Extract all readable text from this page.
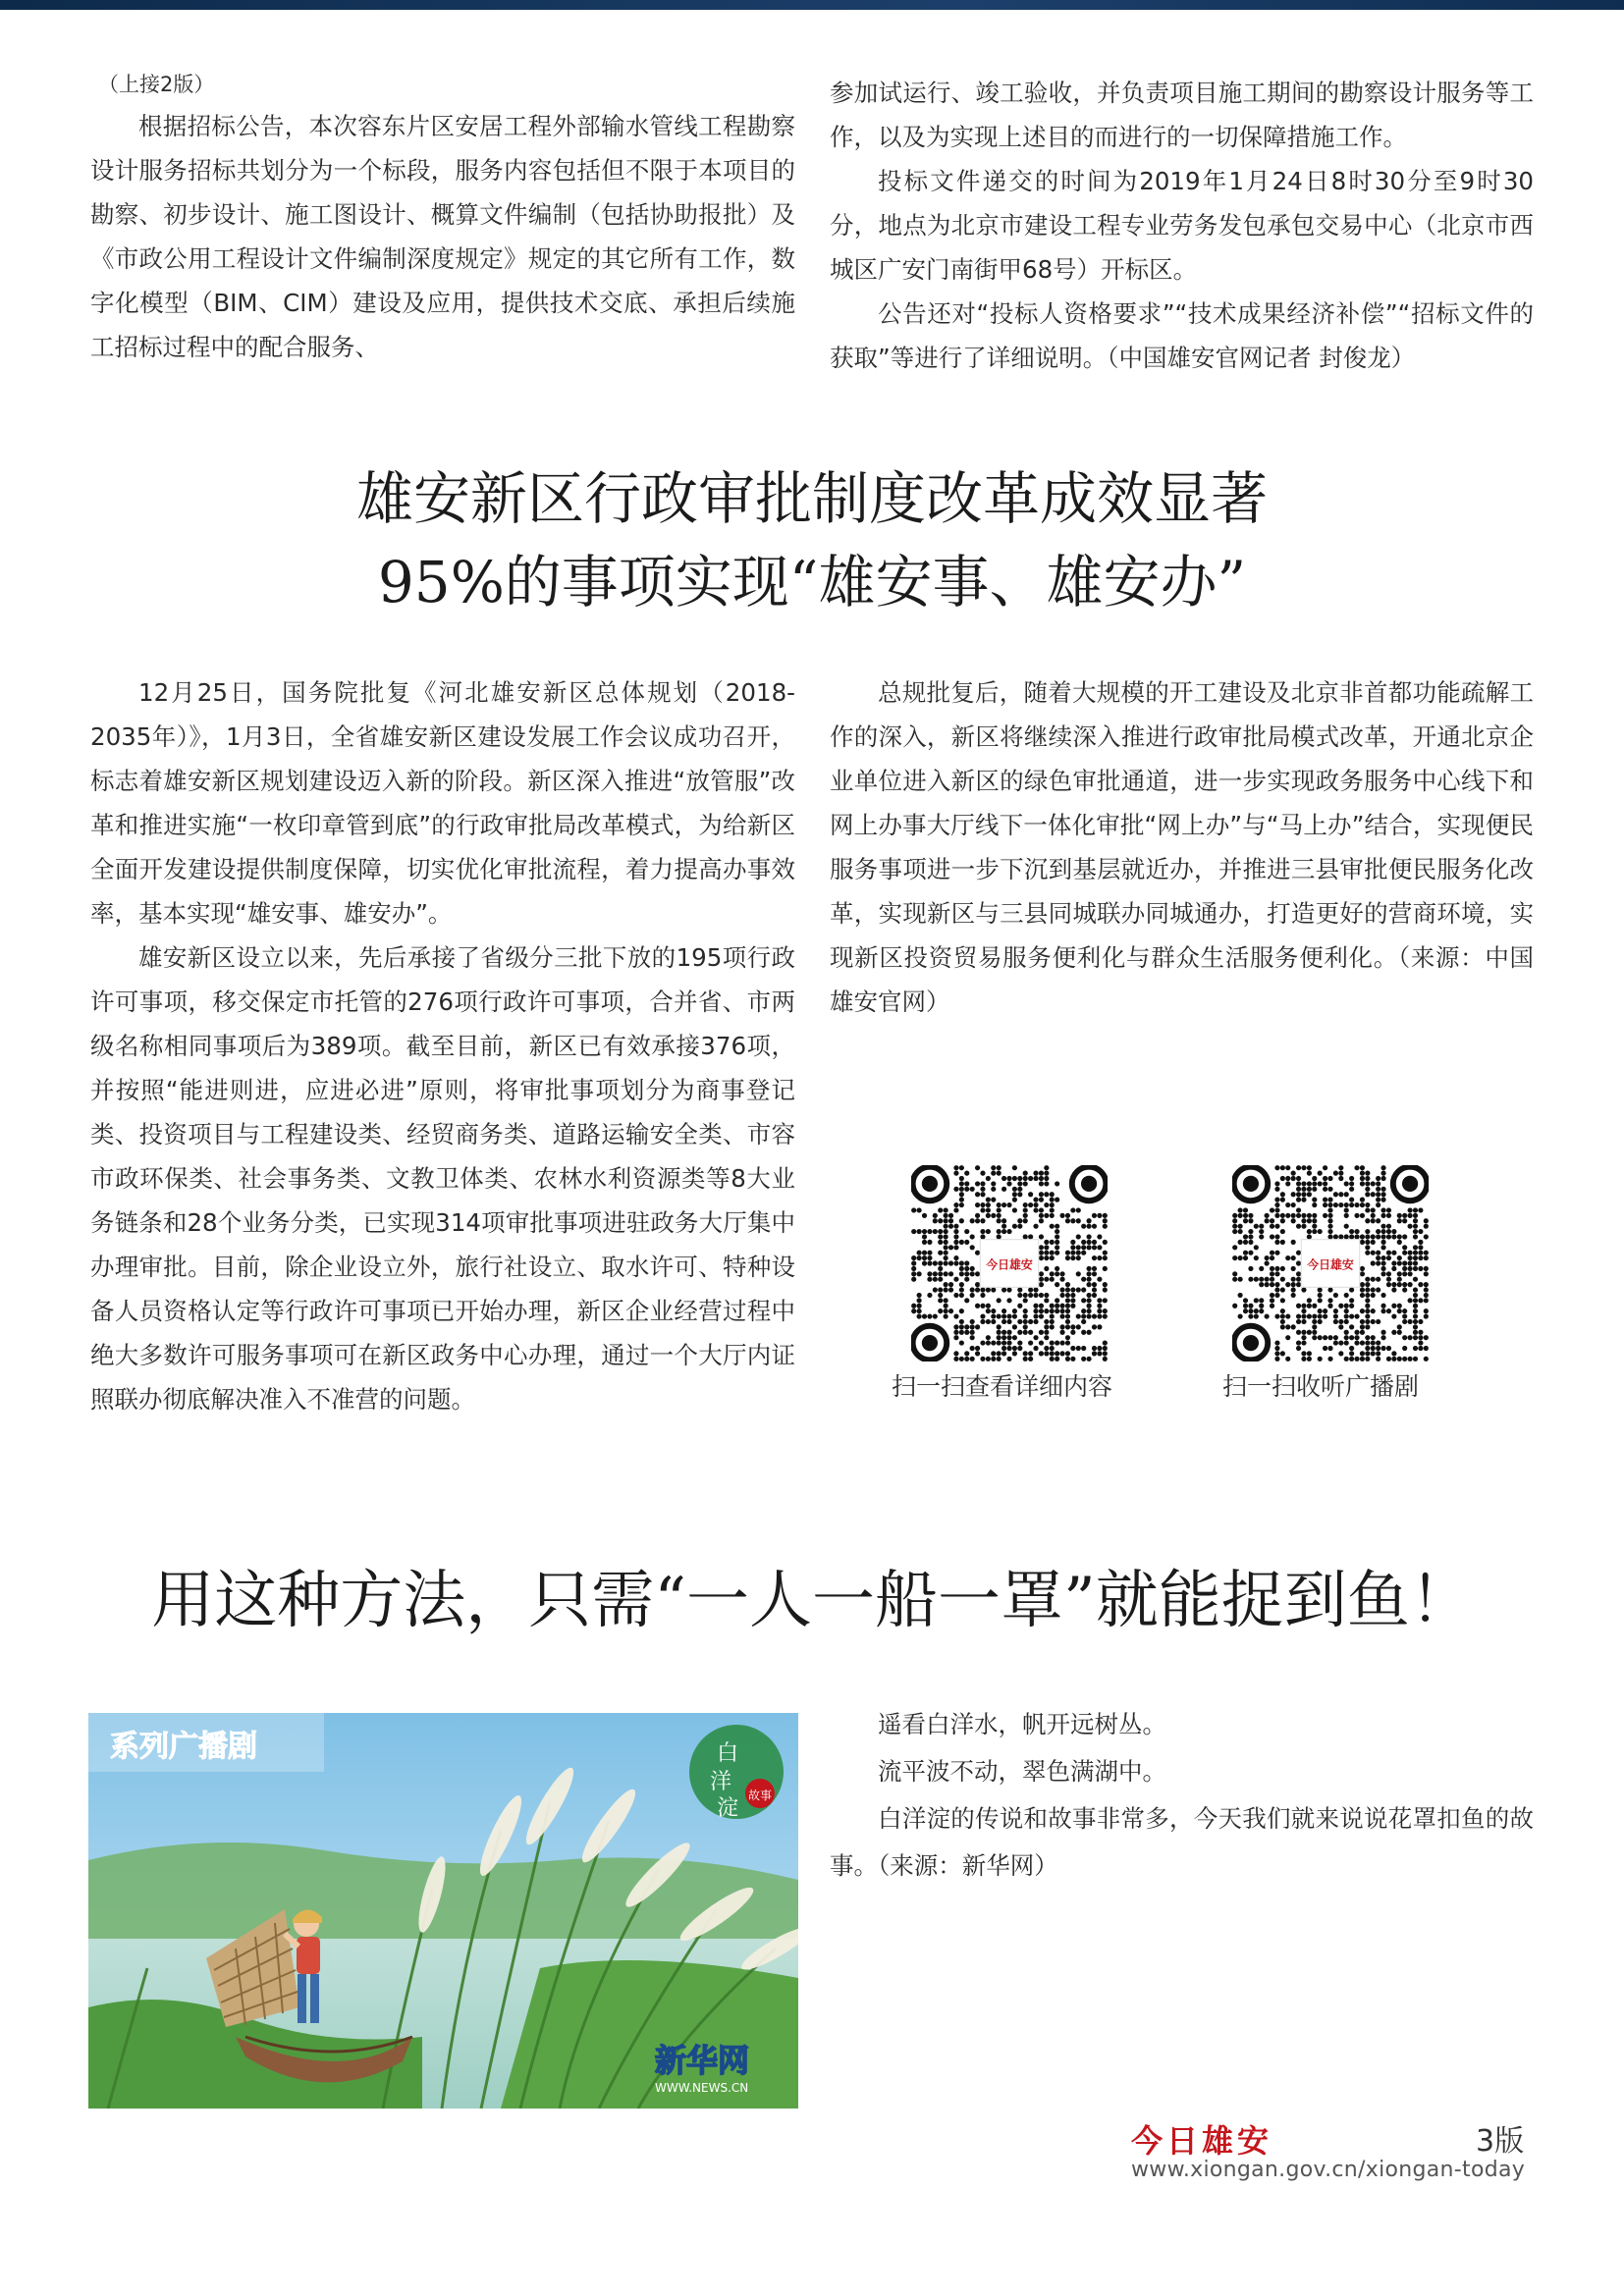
（上接2版）

根据招标公告，本次容东片区安居工程外部输水管线工程勘察设计服务招标共划分为一个标段，服务内容包括但不限于本项目的勘察、初步设计、施工图设计、概算文件编制（包括协助报批）及《市政公用工程设计文件编制深度规定》规定的其它所有工作，数字化模型（BIM、CIM）建设及应用，提供技术交底、承担后续施工招标过程中的配合服务、

参加试运行、竣工验收，并负责项目施工期间的勘察设计服务等工作，以及为实现上述目的而进行的一切保障措施工作。

投标文件递交的时间为2019年1月24日8时30分至9时30分，地点为北京市建设工程专业劳务发包承包交易中心（北京市西城区广安门南街甲68号）开标区。

公告还对“投标人资格要求”“技术成果经济补偿”“招标文件的获取”等进行了详细说明。（中国雄安官网记者 封俊龙）

雄安新区行政审批制度改革成效显著
95%的事项实现“雄安事、雄安办”

12月25日，国务院批复《河北雄安新区总体规划（2018-2035年）》，1月3日，全省雄安新区建设发展工作会议成功召开，标志着雄安新区规划建设迈入新的阶段。新区深入推进“放管服”改革和推进实施“一枚印章管到底”的行政审批局改革模式，为给新区全面开发建设提供制度保障，切实优化审批流程，着力提高办事效率，基本实现“雄安事、雄安办”。

雄安新区设立以来，先后承接了省级分三批下放的195项行政许可事项，移交保定市托管的276项行政许可事项，合并省、市两级名称相同事项后为389项。截至目前，新区已有效承接376项，并按照“能进则进，应进必进”原则，将审批事项划分为商事登记类、投资项目与工程建设类、经贸商务类、道路运输安全类、市容市政环保类、社会事务类、文教卫体类、农林水利资源类等8大业务链条和28个业务分类，已实现314项审批事项进驻政务大厅集中办理审批。目前，除企业设立外，旅行社设立、取水许可、特种设备人员资格认定等行政许可事项已开始办理，新区企业经营过程中绝大多数许可服务事项可在新区政务中心办理，通过一个大厅内证照联办彻底解决准入不准营的问题。

总规批复后，随着大规模的开工建设及北京非首都功能疏解工作的深入，新区将继续深入推进行政审批局模式改革，开通北京企业单位进入新区的绿色审批通道，进一步实现政务服务中心线下和网上办事大厅线下一体化审批“网上办”与“马上办”结合，实现便民服务事项进一步下沉到基层就近办，并推进三县审批便民服务化改革，实现新区与三县同城联办同城通办，打造更好的营商环境，实现新区投资贸易服务便利化与群众生活服务便利化。（来源：中国雄安官网）

今日雄安
扫一扫查看详细内容
今日雄安
扫一扫收听广播剧
用这种方法，只需“一人一船一罩”就能捉到鱼！
系列广播剧	白
洋
淀
故事
新华网
WWW.NEWS.CN

遥看白洋水，帆开远树丛。

流平波不动，翠色满湖中。

白洋淀的传说和故事非常多，今天我们就来说说花罩扣鱼的故事。（来源：新华网）

今日雄安	3版
www.xiongan.gov.cn/xiongan-today
